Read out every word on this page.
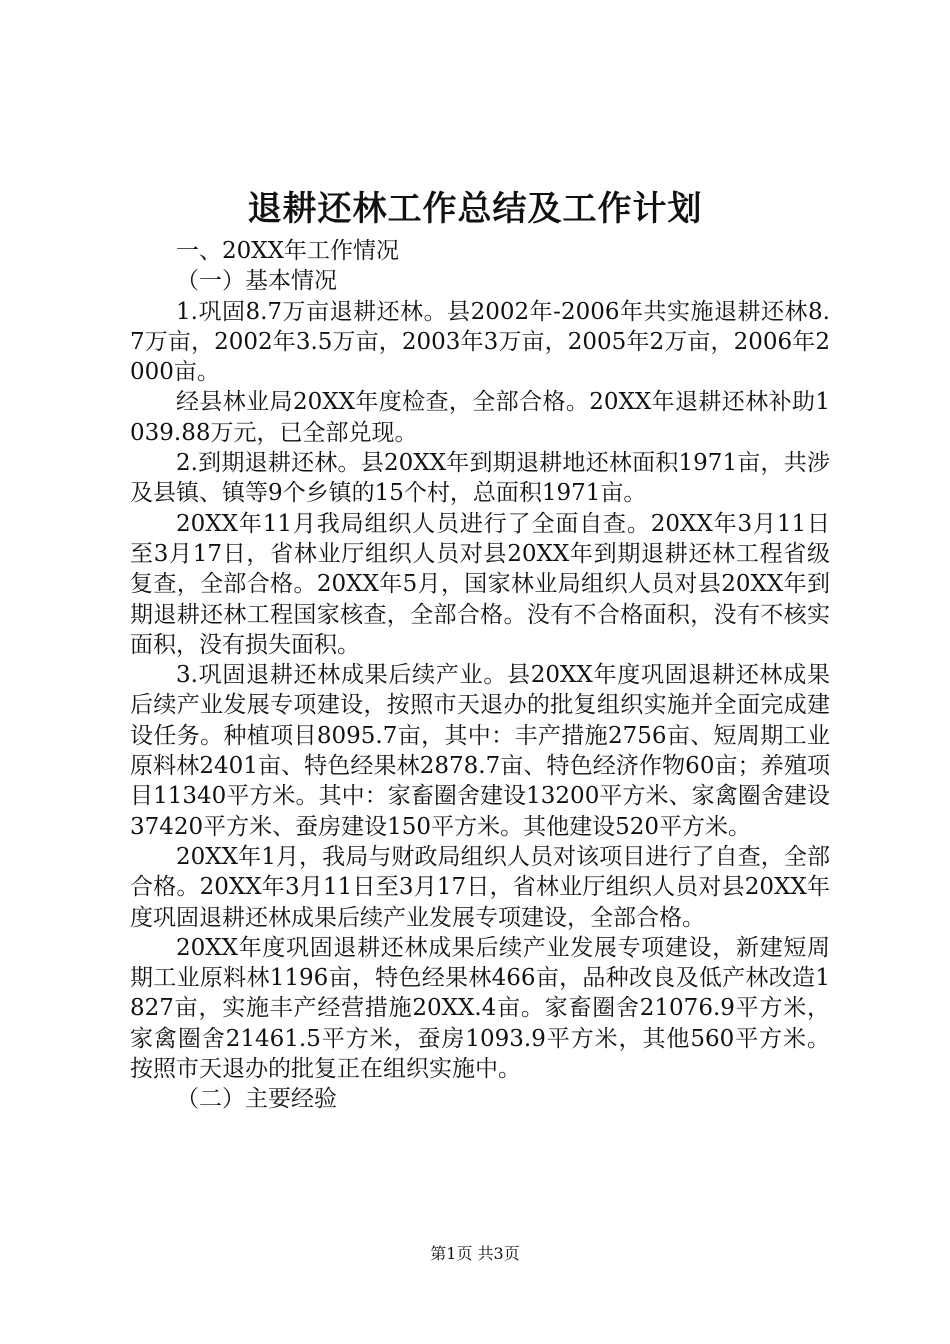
退耕还林工作总结及工作计划

一、20XX年工作情况

（一）基本情况

1.巩固8.7万亩退耕还林。县2002年-2006年共实施退耕还林8.7万亩，2002年3.5万亩，2003年3万亩，2005年2万亩，2006年2000亩。

经县林业局20XX年度检查，全部合格。20XX年退耕还林补助1039.88万元，已全部兑现。

2.到期退耕还林。县20XX年到期退耕地还林面积1971亩，共涉及县镇、镇等9个乡镇的15个村，总面积1971亩。

20XX年11月我局组织人员进行了全面自查。20XX年3月11日至3月17日，省林业厅组织人员对县20XX年到期退耕还林工程省级复查，全部合格。20XX年5月，国家林业局组织人员对县20XX年到期退耕还林工程国家核查，全部合格。没有不合格面积，没有不核实面积，没有损失面积。

3.巩固退耕还林成果后续产业。县20XX年度巩固退耕还林成果后续产业发展专项建设，按照市天退办的批复组织实施并全面完成建设任务。种植项目8095.7亩，其中：丰产措施2756亩、短周期工业原料林2401亩、特色经果林2878.7亩、特色经济作物60亩；养殖项目11340平方米。其中：家畜圈舍建设13200平方米、家禽圈舍建设37420平方米、蚕房建设150平方米。其他建设520平方米。

20XX年1月，我局与财政局组织人员对该项目进行了自查，全部合格。20XX年3月11日至3月17日，省林业厅组织人员对县20XX年度巩固退耕还林成果后续产业发展专项建设，全部合格。

20XX年度巩固退耕还林成果后续产业发展专项建设，新建短周期工业原料林1196亩，特色经果林466亩，品种改良及低产林改造1827亩，实施丰产经营措施20XX.4亩。家畜圈舍21076.9平方米，家禽圈舍21461.5平方米，蚕房1093.9平方米，其他560平方米。按照市天退办的批复正在组织实施中。

（二）主要经验

第1页 共3页
